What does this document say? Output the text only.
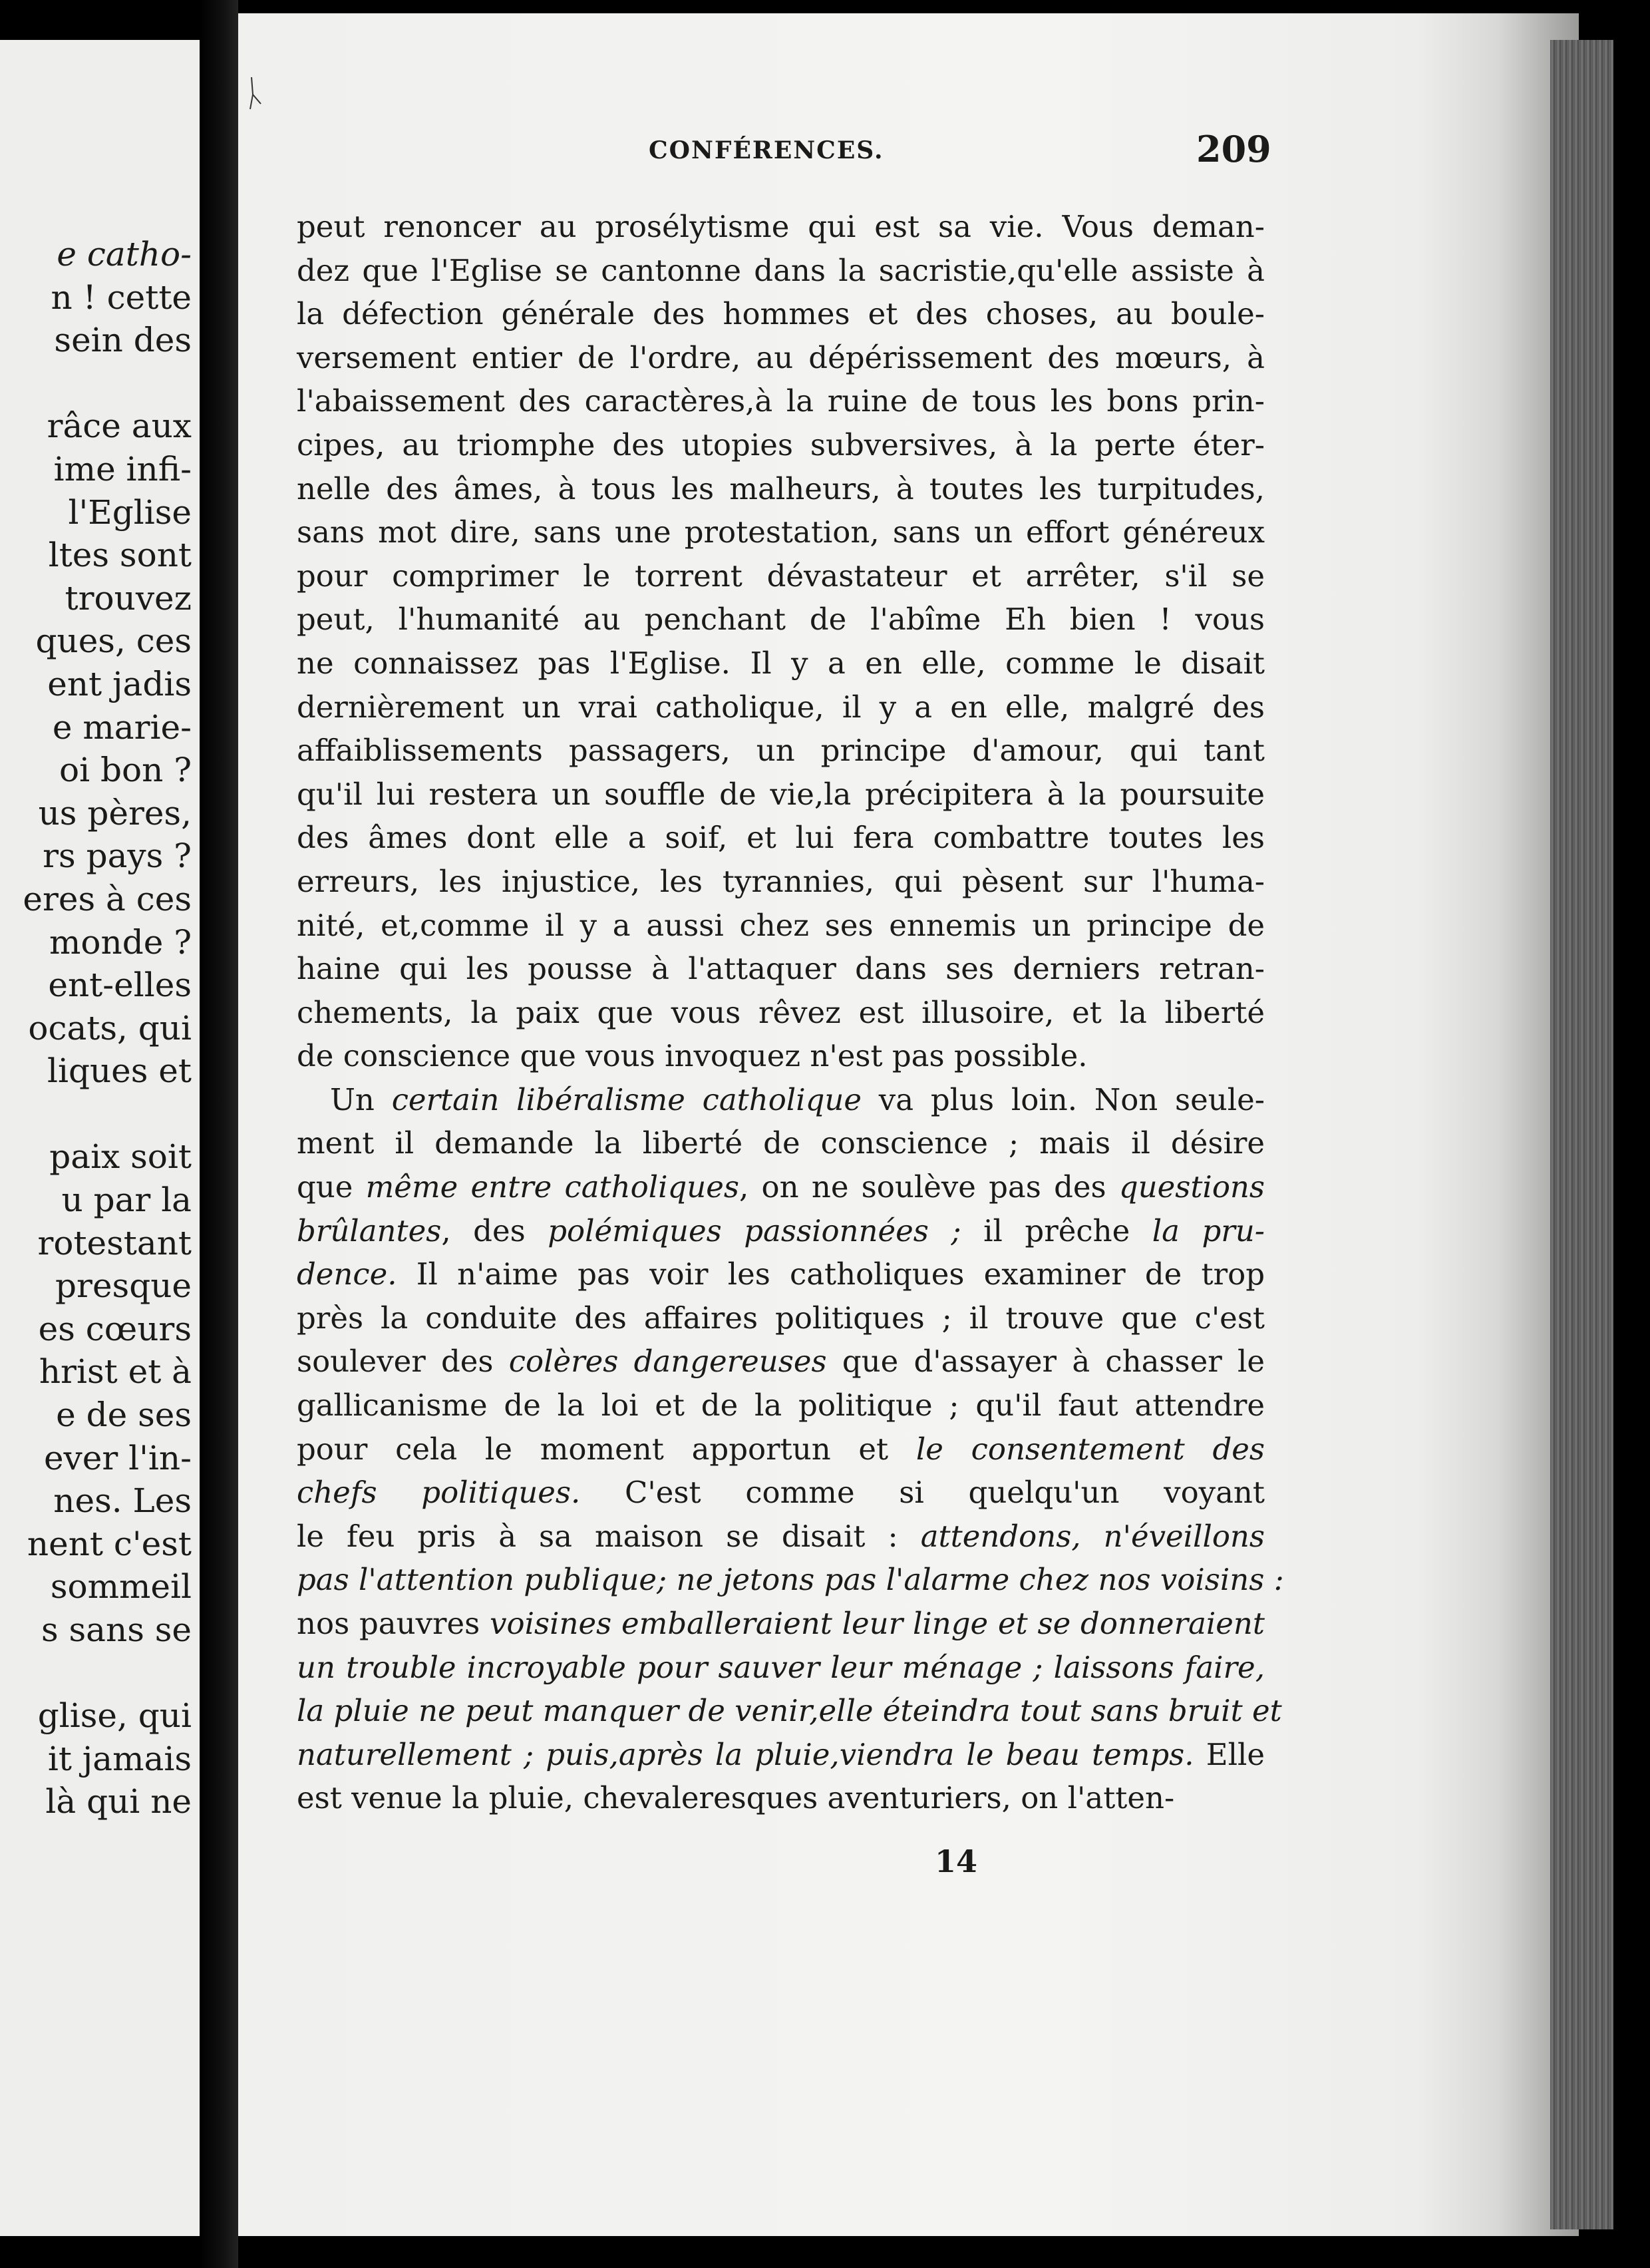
e catho-
n ! cette
sein des
râce aux
ime infi-
l'Eglise
ltes sont
trouvez
ques, ces
ent jadis
e marie-
oi bon ?
us pères,
rs pays ?
eres à ces
monde ?
ent-elles
ocats, qui
liques et
paix soit
u par la
rotestant
presque
es cœurs
hrist et à
e de ses
ever l'in-
nes. Les
nent c'est
sommeil
s sans se
glise, qui
it jamais
là qui ne
CONFÉRENCES.	209
peut renoncer au prosélytisme qui est sa vie. Vous deman-
dez que l'Eglise se cantonne dans la sacristie,qu'elle assiste à
la défection générale des hommes et des choses, au boule-
versement entier de l'ordre, au dépérissement des mœurs, à
l'abaissement des caractères,à la ruine de tous les bons prin-
cipes, au triomphe des utopies subversives, à la perte éter-
nelle des âmes, à tous les malheurs, à toutes les turpitudes,
sans mot dire, sans une protestation, sans un effort généreux
pour comprimer le torrent dévastateur et arrêter, s'il se
peut, l'humanité au penchant de l'abîme Eh bien ! vous
ne connaissez pas l'Eglise. Il y a en elle, comme le disait
dernièrement un vrai catholique, il y a en elle, malgré des
affaiblissements passagers, un principe d'amour, qui tant
qu'il lui restera un souffle de vie,la précipitera à la poursuite
des âmes dont elle a soif, et lui fera combattre toutes les
erreurs, les injustice, les tyrannies, qui pèsent sur l'huma-
nité, et,comme il y a aussi chez ses ennemis un principe de
haine qui les pousse à l'attaquer dans ses derniers retran-
chements, la paix que vous rêvez est illusoire, et la liberté
de conscience que vous invoquez n'est pas possible.
Un certain libéralisme catholique va plus loin. Non seule-
ment il demande la liberté de conscience ; mais il désire
que même entre catholiques, on ne soulève pas des questions
brûlantes, des polémiques passionnées ; il prêche la pru-
dence. Il n'aime pas voir les catholiques examiner de trop
près la conduite des affaires politiques ; il trouve que c'est
soulever des colères dangereuses que d'assayer à chasser le
gallicanisme de la loi et de la politique ; qu'il faut attendre
pour cela le moment apportun et le consentement des
chefs politiques. C'est comme si quelqu'un voyant
le feu pris à sa maison se disait : attendons, n'éveillons
pas l'attention publique; ne jetons pas l'alarme chez nos voisins :
nos pauvres voisines emballeraient leur linge et se donneraient
un trouble incroyable pour sauver leur ménage ; laissons faire,
la pluie ne peut manquer de venir,elle éteindra tout sans bruit et
naturellement ; puis,après la pluie,viendra le beau temps. Elle
est venue la pluie, chevaleresques aventuriers, on l'atten-
14
